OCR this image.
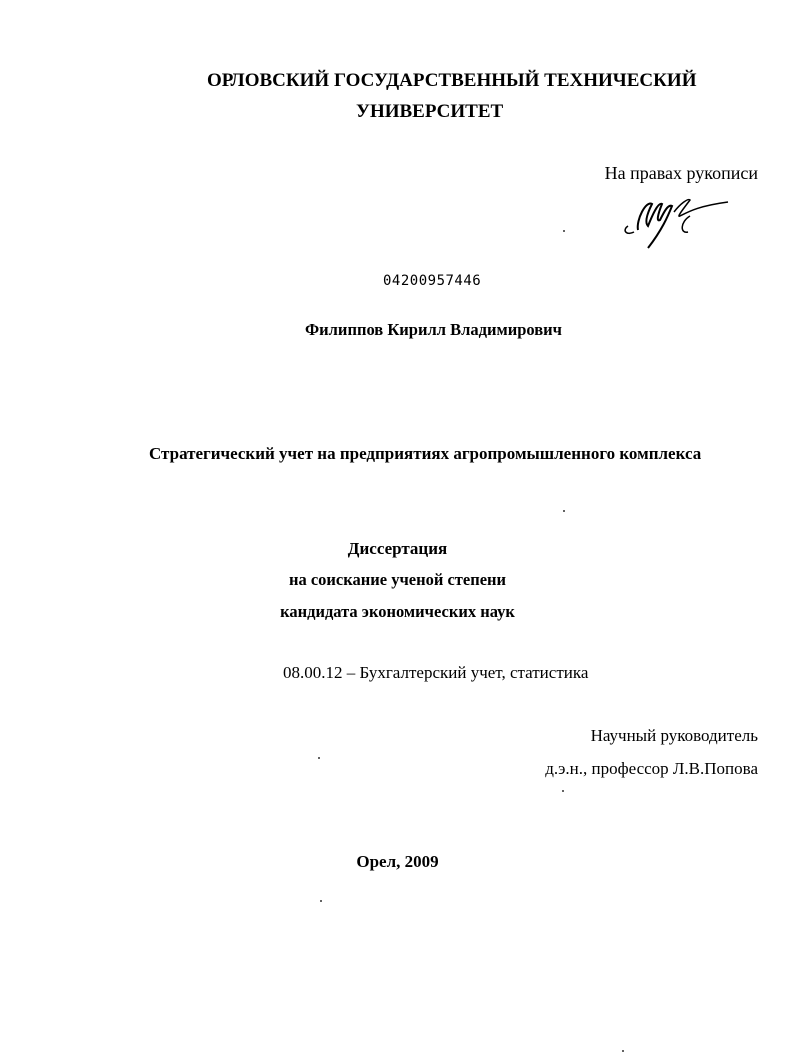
ОРЛОВСКИЙ ГОСУДАРСТВЕННЫЙ ТЕХНИЧЕСКИЙ
УНИВЕРСИТЕТ
На правах рукописи
04200957446
Филиппов Кирилл Владимирович
Стратегический учет на предприятиях агропромышленного комплекса
Диссертация
на соискание ученой степени
кандидата экономических наук
08.00.12 – Бухгалтерский учет, статистика
Научный руководитель
д.э.н., профессор Л.В.Попова
Орел, 2009
